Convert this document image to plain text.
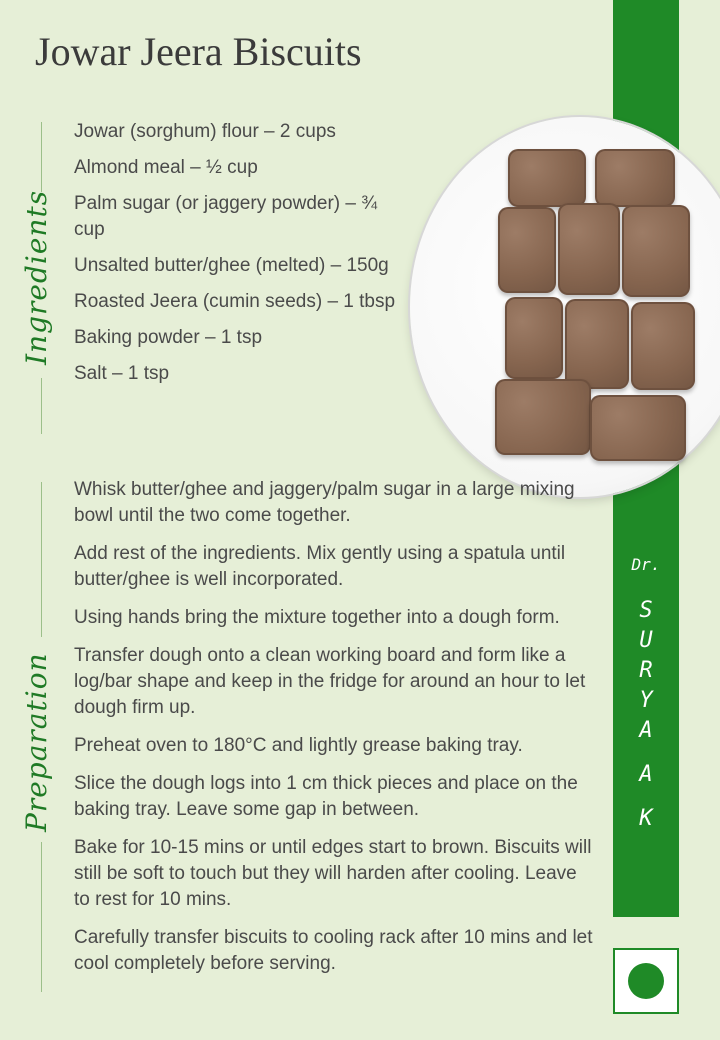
Jowar Jeera Biscuits
Dr.
S
U
R
Y
A
A
K
Ingredients
Preparation
Jowar (sorghum) flour – 2 cups
Almond meal – ½ cup
Palm sugar (or jaggery powder) – ¾ cup
Unsalted butter/ghee (melted) – 150g
Roasted Jeera (cumin seeds) – 1 tbsp
Baking powder – 1 tsp
Salt – 1 tsp
Whisk butter/ghee and jaggery/palm sugar in a large mixing bowl until the two come together.
Add rest of the ingredients. Mix gently using a spatula until butter/ghee is well incorporated.
Using hands bring the mixture together into a dough form.
Transfer dough onto a clean working board and form like a log/bar shape and keep in the fridge for around an hour to let dough firm up.
Preheat oven to 180°C and lightly grease baking tray.
Slice the dough logs into 1 cm thick pieces and place on the baking tray. Leave some gap in between.
Bake for 10-15 mins or until edges start to brown. Biscuits will still be soft to touch but they will harden after cooling. Leave to rest for 10 mins.
Carefully transfer biscuits to cooling rack after 10 mins and let cool completely before serving.
